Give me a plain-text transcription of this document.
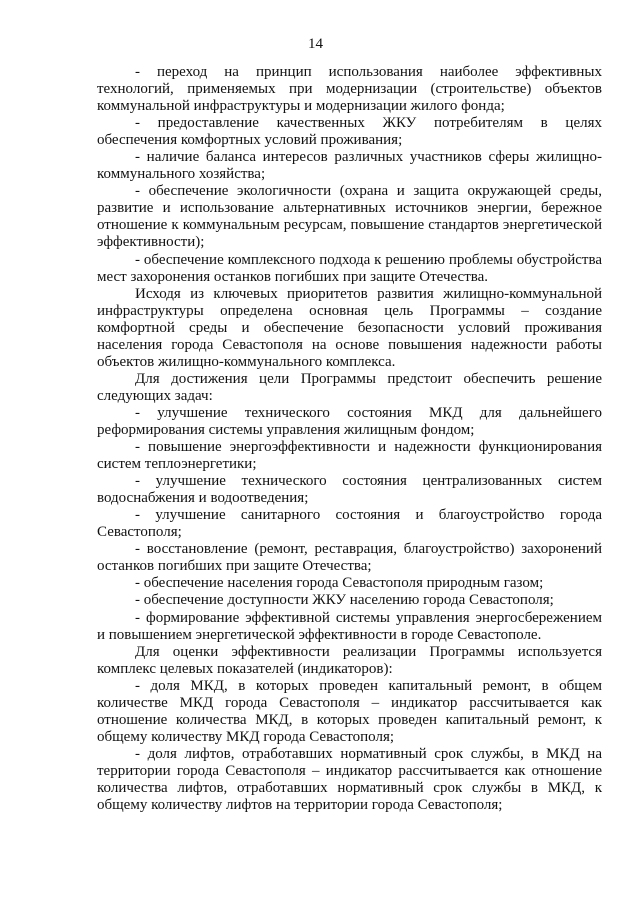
14

- переход на принцип использования наиболее эффективных технологий, применяемых при модернизации (строительстве) объектов коммунальной инфраструктуры и модернизации жилого фонда;

- предоставление качественных ЖКУ потребителям в целях обеспечения комфортных условий проживания;

- наличие баланса интересов различных участников сферы жилищно-коммунального хозяйства;

- обеспечение экологичности (охрана и защита окружающей среды, развитие и использование альтернативных источников энергии, бережное отношение к коммунальным ресурсам, повышение стандартов энергетической эффективности);

- обеспечение комплексного подхода к решению проблемы обустройства мест захоронения останков погибших при защите Отечества.

Исходя из ключевых приоритетов развития жилищно-коммунальной инфраструктуры определена основная цель Программы – создание комфортной среды и обеспечение безопасности условий проживания населения города Севастополя на основе повышения надежности работы объектов жилищно-коммунального комплекса.

Для достижения цели Программы предстоит обеспечить решение следующих задач:

- улучшение технического состояния МКД для дальнейшего реформирования системы управления жилищным фондом;

- повышение энергоэффективности и надежности функционирования систем теплоэнергетики;

- улучшение технического состояния централизованных систем водоснабжения и водоотведения;

- улучшение санитарного состояния и благоустройство города Севастополя;

- восстановление (ремонт, реставрация, благоустройство) захоронений останков погибших при защите Отечества;

- обеспечение населения города Севастополя природным газом;

- обеспечение доступности ЖКУ населению города Севастополя;

- формирование эффективной системы управления энергосбережением и повышением энергетической эффективности в городе Севастополе.

Для оценки эффективности реализации Программы используется комплекс целевых показателей (индикаторов):

- доля МКД, в которых проведен капитальный ремонт, в общем количестве МКД города Севастополя – индикатор рассчитывается как отношение количества МКД, в которых проведен капитальный ремонт, к общему количеству МКД города Севастополя;

- доля лифтов, отработавших нормативный срок службы, в МКД на территории города Севастополя – индикатор рассчитывается как отношение количества лифтов, отработавших нормативный срок службы в МКД, к общему количеству лифтов на территории города Севастополя;
